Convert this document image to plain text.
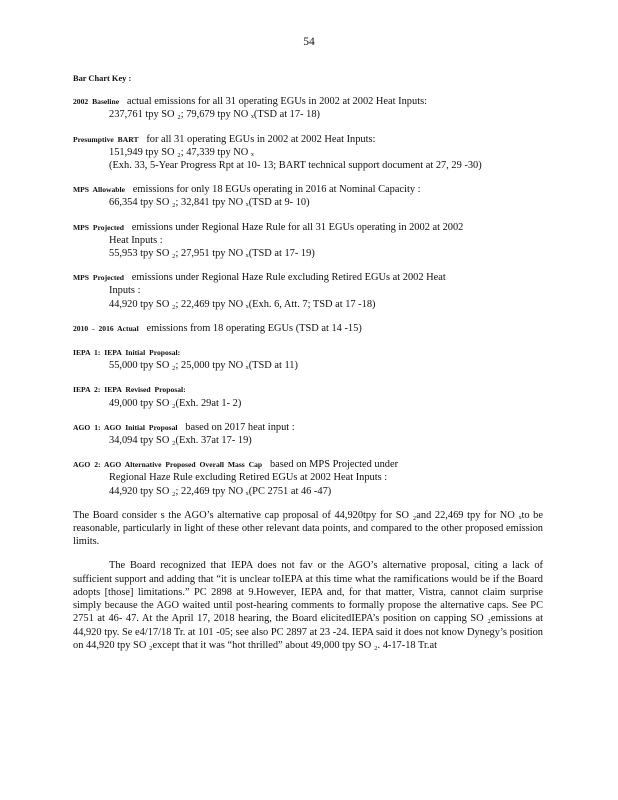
54
Bar Chart Key :
2002 Baseline actual emissions for all 31 operating EGUs in 2002 at 2002 Heat Inputs:
237,761 tpy SO ₂; 79,679 tpy NO ₓ(TSD at 17- 18)
Presumptive BART for all 31 operating EGUs in 2002 at 2002 Heat Inputs:
151,949 tpy SO ₂; 47,339 tpy NO ₓ
(Exh. 33, 5-Year Progress Rpt at 10- 13; BART technical support document at 27, 29 -30)
MPS Allowable emissions for only 18 EGUs operating in 2016 at Nominal Capacity :
66,354 tpy SO ₂; 32,841 tpy NO ₓ(TSD at 9- 10)
MPS Projected emissions under Regional Haze Rule for all 31 EGUs operating in 2002 at 2002
Heat Inputs :
55,953 tpy SO ₂; 27,951 tpy NO ₓ(TSD at 17- 19)
MPS Projected emissions under Regional Haze Rule excluding Retired EGUs at 2002 Heat
Inputs :
44,920 tpy SO ₂; 22,469 tpy NO ₓ(Exh. 6, Att. 7; TSD at 17 -18)
2010 - 2016 Actual emissions from 18 operating EGUs (TSD at 14 -15)
IEPA 1: IEPA Initial Proposal:
55,000 tpy SO ₂; 25,000 tpy NO ₓ(TSD at 11)
IEPA 2: IEPA Revised Proposal:
49,000 tpy SO ₂(Exh. 29at 1- 2)
AGO 1: AGO Initial Proposal based on 2017 heat input :
34,094 tpy SO ₂(Exh. 37at 17- 19)
AGO 2: AGO Alternative Proposed Overall Mass Cap based on MPS Projected under
Regional Haze Rule excluding Retired EGUs at 2002 Heat Inputs :
44,920 tpy SO ₂; 22,469 tpy NO ₓ(PC 2751 at 46 -47)
The Board consider s the AGO’s alternative cap proposal of 44,920tpy for SO ₂and 22,469 tpy for NO ₓto be reasonable, particularly in light of these other relevant data points, and compared to the other proposed emission limits.
The Board recognized that IEPA does not fav or the AGO’s alternative proposal, citing a lack of sufficient support and adding that “it is unclear toIEPA at this time what the ramifications would be if the Board adopts [those] limitations.” PC 2898 at 9.However, IEPA and, for that matter, Vistra, cannot claim surprise simply because the AGO waited until post-hearing comments to formally propose the alternative caps. See PC 2751 at 46- 47. At the April 17, 2018 hearing, the Board elicitedIEPA’s position on capping SO ₂emissions at 44,920 tpy. Se e4/17/18 Tr. at 101 -05; see also PC 2897 at 23 -24. IEPA said it does not know Dynegy’s position on 44,920 tpy SO ₂except that it was “hot thrilled” about 49,000 tpy SO ₂. 4-17-18 Tr.at
